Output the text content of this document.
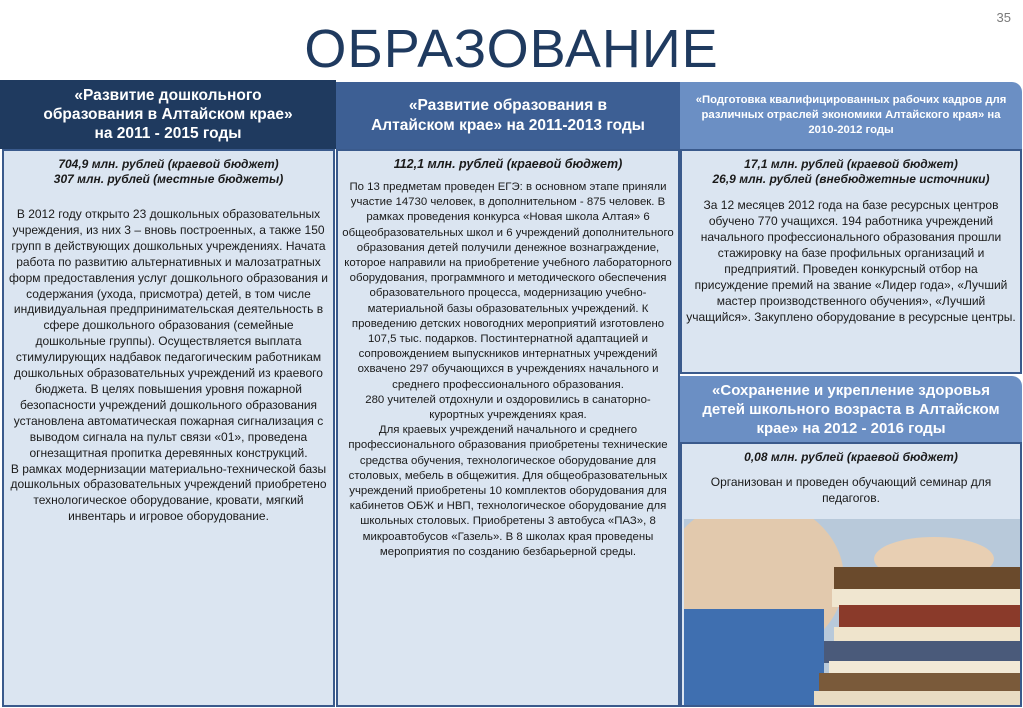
35
ОБРАЗОВАНИЕ
«Развитие дошкольного образования в Алтайском крае» на 2011 - 2015 годы
704,9 млн. рублей (краевой бюджет)
307 млн. рублей (местные бюджеты)

В 2012 году открыто 23 дошкольных образовательных учреждения, из них 3 – вновь построенных, а также 150 групп в действующих дошкольных учреждениях. Начата работа по развитию альтернативных и малозатратных форм предоставления услуг дошкольного образования и содержания (ухода, присмотра) детей, в том числе индивидуальная предпринимательская деятельность в сфере дошкольного образования (семейные дошкольные группы). Осуществляется выплата стимулирующих надбавок педагогическим работникам дошкольных образовательных учреждений из краевого бюджета. В целях повышения уровня пожарной безопасности учреждений дошкольного образования установлена автоматическая пожарная сигнализация с выводом сигнала на пульт связи «01», проведена огнезащитная пропитка деревянных конструкций.

В рамках модернизации материально-технической базы дошкольных образовательных учреждений приобретено технологическое оборудование, кровати, мягкий инвентарь и игровое оборудование.

«Развитие образования в Алтайском крае» на 2011-2013 годы
112,1 млн. рублей (краевой бюджет)

По 13 предметам проведен ЕГЭ: в основном этапе приняли участие 14730 человек, в дополнительном - 875 человек. В рамках проведения конкурса «Новая школа Алтая» 6 общеобразовательных школ и 6 учреждений дополнительного образования детей получили денежное вознаграждение, которое направили на приобретение учебного лабораторного оборудования, программного и методического обеспечения образовательного процесса, модернизацию учебно-материальной базы образовательных учреждений. К проведению детских новогодних мероприятий изготовлено 107,5 тыс. подарков. Постинтернатной адаптацией и сопровождением выпускников интернатных учреждений охвачено 297 обучающихся в учреждениях начального и среднего профессионального образования.

280 учителей отдохнули и оздоровились в санаторно-курортных учреждениях края.

Для краевых учреждений начального и среднего профессионального образования приобретены технические средства обучения, технологическое оборудование для столовых, мебель в общежития. Для общеобразовательных учреждений приобретены 10 комплектов оборудования для кабинетов ОБЖ и НВП, технологическое оборудование для школьных столовых. Приобретены 3 автобуса «ПАЗ», 8 микроавтобусов «Газель». В 8 школах края проведены мероприятия по созданию безбарьерной среды.

«Подготовка квалифицированных рабочих кадров для различных отраслей экономики Алтайского края» на 2010-2012 годы
17,1 млн. рублей (краевой бюджет)
26,9 млн. рублей (внебюджетные источники)

За 12 месяцев 2012 года на базе ресурсных центров обучено 770 учащихся. 194 работника учреждений начального профессионального образования прошли стажировку на базе профильных организаций и предприятий. Проведен конкурсный отбор на присуждение премий на звание «Лидер года», «Лучший мастер производственного обучения», «Лучший учащийся». Закуплено оборудование в ресурсные центры.

«Сохранение и укрепление здоровья детей школьного возраста в Алтайском крае» на 2012 - 2016 годы
0,08 млн. рублей (краевой бюджет)

Организован и проведен обучающий семинар для педагогов.
